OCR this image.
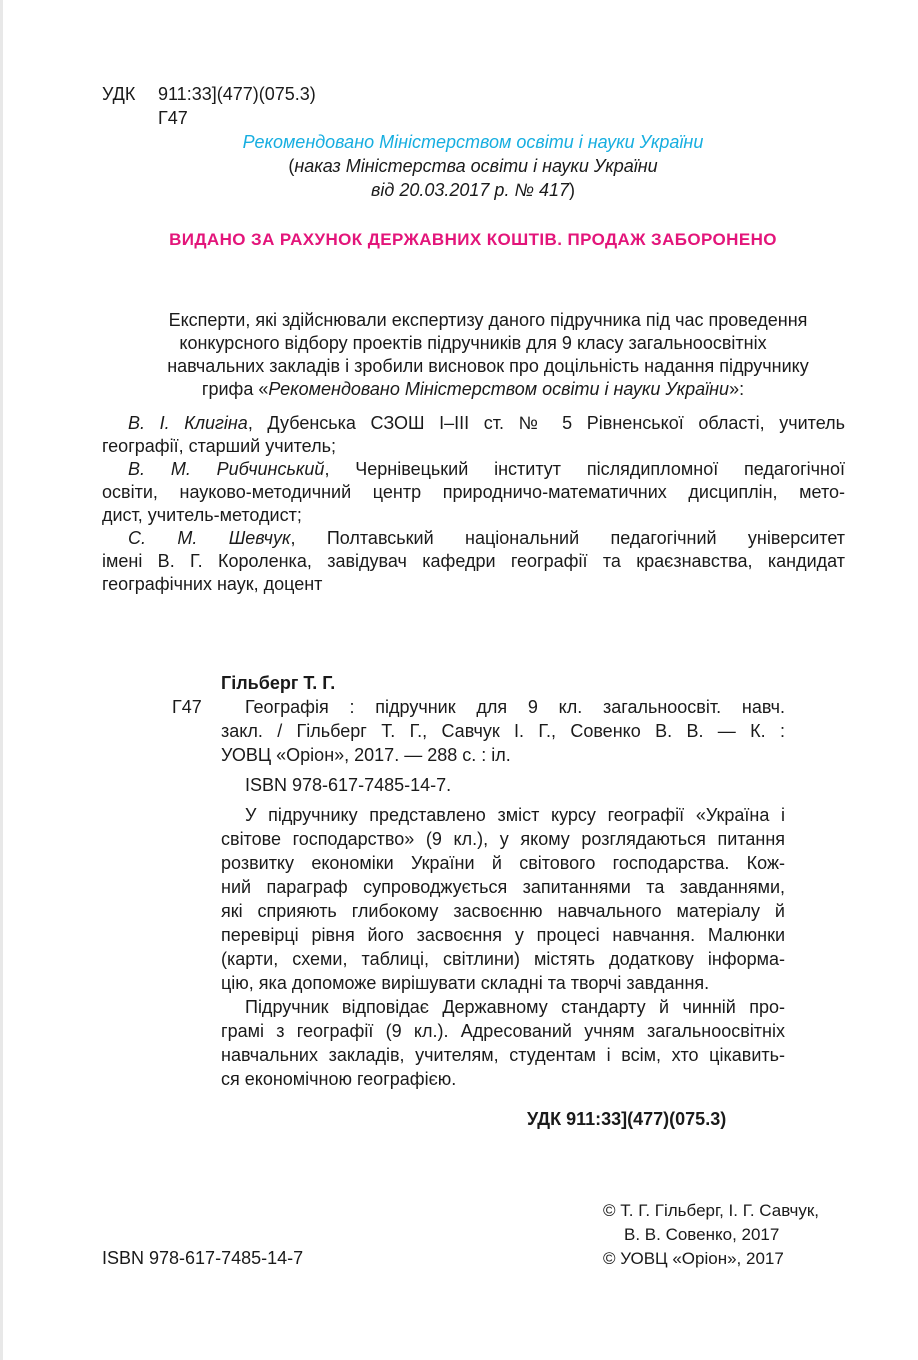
УДК 911:33](477)(075.3)
Г47
Рекомендовано Міністерством освіти і науки України
(наказ Міністерства освіти і науки України
від 20.03.2017 р. № 417)
ВИДАНО ЗА РАХУНОК ДЕРЖАВНИХ КОШТІВ. ПРОДАЖ ЗАБОРОНЕНО
Експерти, які здійснювали експертизу даного підручника під час проведення
конкурсного відбору проектів підручників для 9 класу загальноосвітніх
навчальних закладів і зробили висновок про доцільність надання підручнику
грифа «Рекомендовано Міністерством освіти і науки України»:
В. І. Клигіна, Дубенська СЗОШ І–ІІІ ст. № 5 Рівненської області, учитель
географії, старший учитель;
В. М. Рибчинський, Чернівецький інститут післядипломної педагогічної
освіти, науково-методичний центр природничо-математичних дисциплін, мето-
дист, учитель-методист;
С. М. Шевчук, Полтавський національний педагогічний університет
імені В. Г. Короленка, завідувач кафедри географії та краєзнавства, кандидат
географічних наук, доцент
Гільберг Т. Г.
Г47 Географія : підручник для 9 кл. загальноосвіт. навч.
закл. / Гільберг Т. Г., Савчук І. Г., Совенко В. В. — К. :
УОВЦ «Оріон», 2017. — 288 с. : іл.
ISBN 978-617-7485-14-7.
У підручнику представлено зміст курсу географії «Україна і
світове господарство» (9 кл.), у якому розглядаються питання
розвитку економіки України й світового господарства. Кож-
ний параграф супроводжується запитаннями та завданнями,
які сприяють глибокому засвоєнню навчального матеріалу й
перевірці рівня його засвоєння у процесі навчання. Малюнки
(карти, схеми, таблиці, світлини) містять додаткову інформа-
цію, яка допоможе вирішувати складні та творчі завдання.
Підручник відповідає Державному стандарту й чинній про-
грамі з географії (9 кл.). Адресований учням загальноосвітніх
навчальних закладів, учителям, студентам і всім, хто цікавить-
ся економічною географією.
УДК 911:33](477)(075.3)
ISBN 978-617-7485-14-7
© Т. Г. Гільберг, І. Г. Савчук,
В. В. Совенко, 2017
© УОВЦ «Оріон», 2017
